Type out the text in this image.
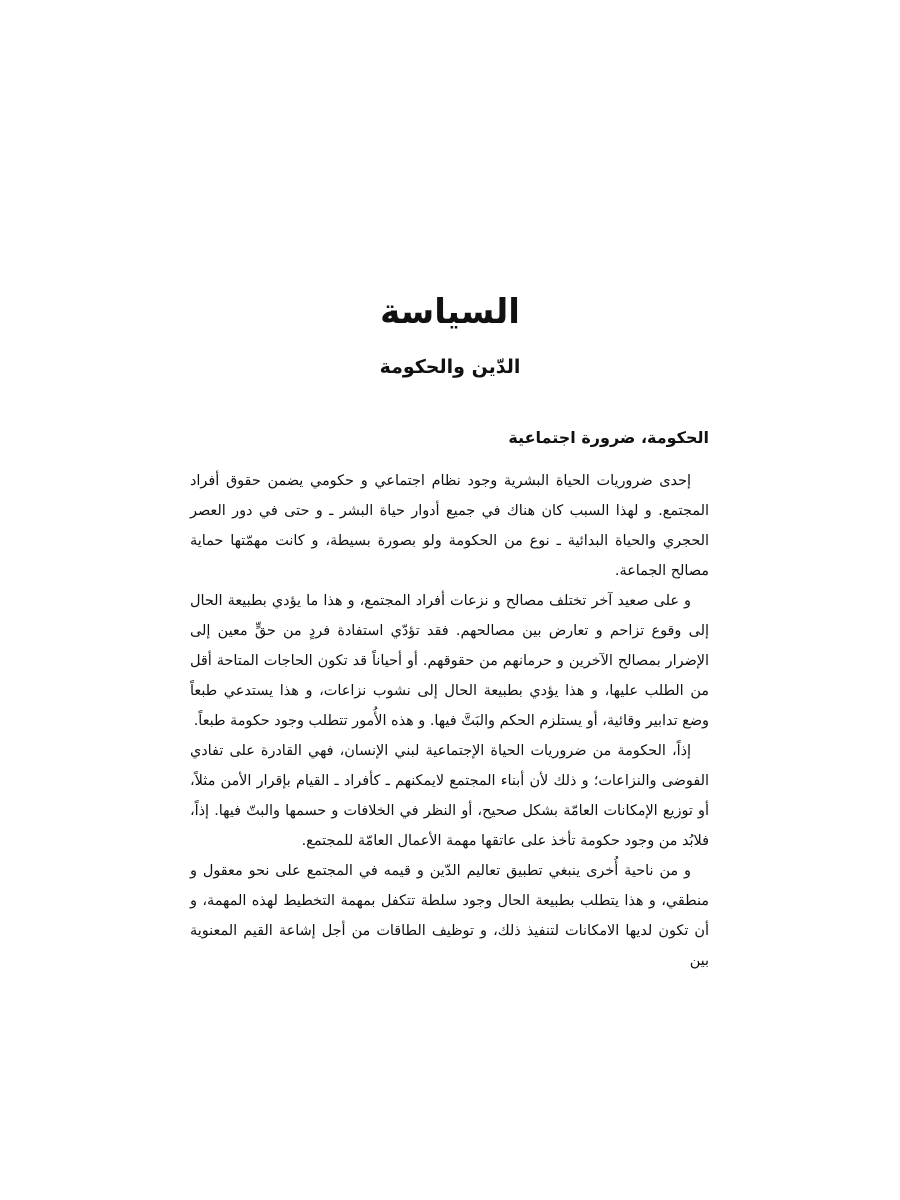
السياسة
الدّين والحكومة
الحكومة، ضرورة اجتماعية

إحدى ضروريات الحياة البشرية وجود نظام اجتماعي و حكومي يضمن حقوق أفراد المجتمع. و لهذا السبب كان هناك في جميع أدوار حياة البشر ـ و حتى في دور العصر الحجري والحياة البدائية ـ نوع من الحكومة ولو بصورة بسيطة، و كانت مهمّتها حماية مصالح الجماعة.

و على صعيد آخر تختلف مصالح و نزعات أفراد المجتمع، و هذا ما يؤدي بطبيعة الحال إلى وقوع تزاحم و تعارض بين مصالحهم. فقد تؤدّي استفادة فردٍ من حقٍّ معين إلى الإضرار بمصالح الآخرين و حرمانهم من حقوقهم. أو أحياناً قد تكون الحاجات المتاحة أقل من الطلب عليها، و هذا يؤدي بطبيعة الحال إلى نشوب نزاعات، و هذا يستدعي طبعاً وضع تدابير وقائية، أو يستلزم الحكم والبَتَّ فيها. و هذه الأُمور تتطلب وجود حكومة طبعاً.

إذاً، الحكومة من ضروريات الحياة الإجتماعية لبني الإنسان، فهي القادرة على تفادي الفوضى والنزاعات؛ و ذلك لأن أبناء المجتمع لايمكنهم ـ كأفراد ـ القيام بإقرار الأمن مثلاً، أو توزيع الإمكانات العامّة بشكل صحيح، أو النظر في الخلافات و حسمها والبتّ فيها. إذاً، فلابُد من وجود حكومة تأخذ على عاتقها مهمة الأعمال العامّة للمجتمع.

و من ناحية أُخرى ينبغي تطبيق تعاليم الدّين و قيمه في المجتمع على نحو معقول و منطقي، و هذا يتطلب بطبيعة الحال وجود سلطة تتكفل بمهمة التخطيط لهذه المهمة، و أن تكون لديها الامكانات لتنفيذ ذلك، و توظيف الطاقات من أجل إشاعة القيم المعنوية بين
